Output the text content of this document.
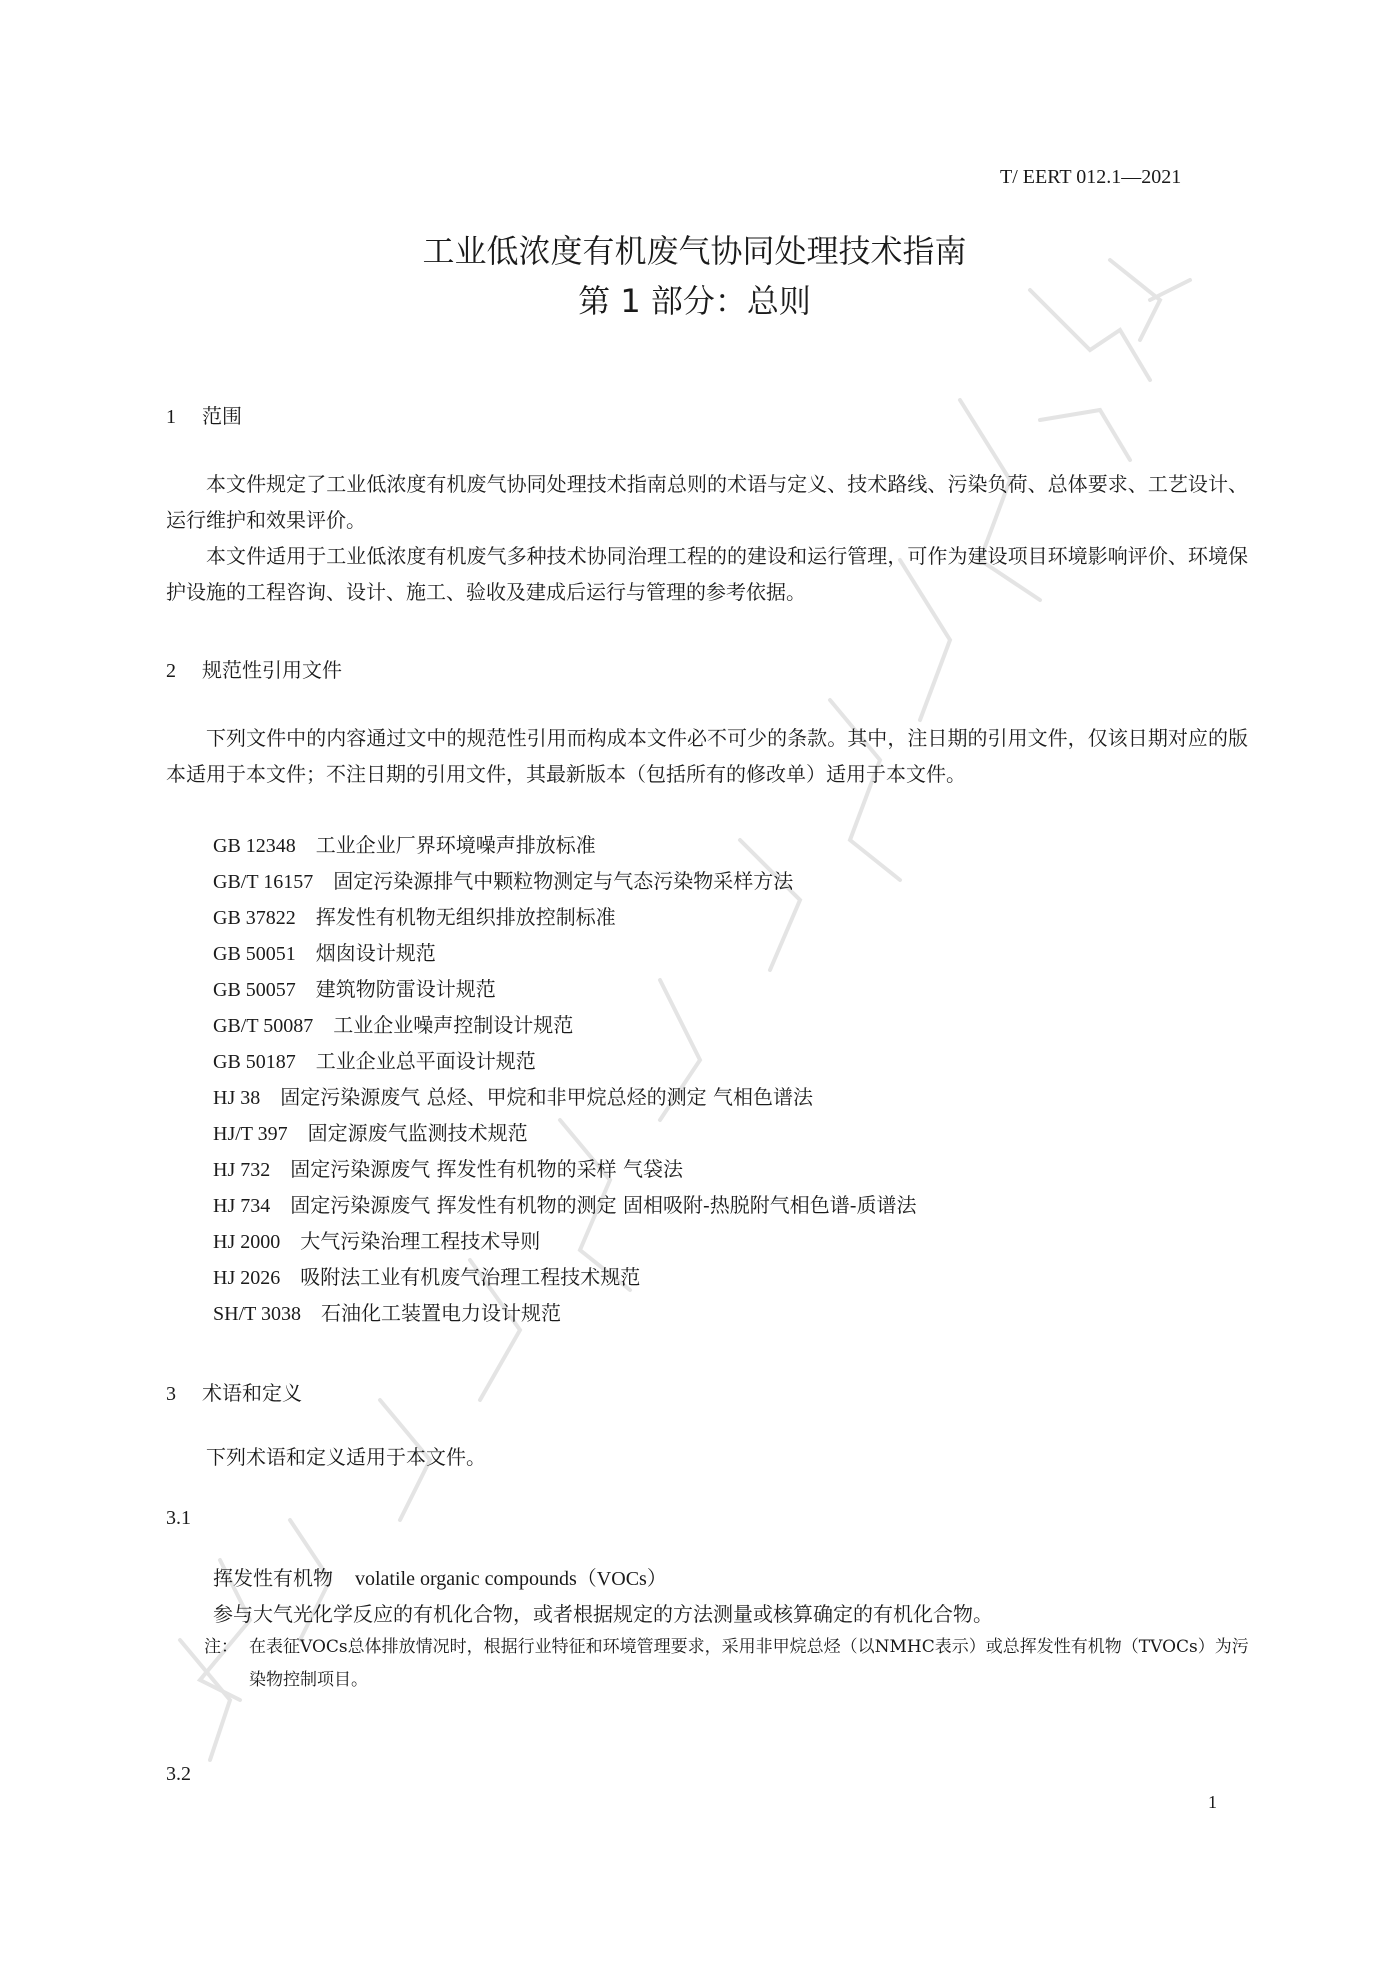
T/ EERT 012.1—2021
工业低浓度有机废气协同处理技术指南
第 1 部分：总则
1 范围
本文件规定了工业低浓度有机废气协同处理技术指南总则的术语与定义、技术路线、污染负荷、总体要求、工艺设计、运行维护和效果评价。
本文件适用于工业低浓度有机废气多种技术协同治理工程的的建设和运行管理，可作为建设项目环境影响评价、环境保护设施的工程咨询、设计、施工、验收及建成后运行与管理的参考依据。
2 规范性引用文件
下列文件中的内容通过文中的规范性引用而构成本文件必不可少的条款。其中，注日期的引用文件，仅该日期对应的版本适用于本文件；不注日期的引用文件，其最新版本（包括所有的修改单）适用于本文件。
GB 12348 工业企业厂界环境噪声排放标准
GB/T 16157 固定污染源排气中颗粒物测定与气态污染物采样方法
GB 37822 挥发性有机物无组织排放控制标准
GB 50051 烟囱设计规范
GB 50057 建筑物防雷设计规范
GB/T 50087 工业企业噪声控制设计规范
GB 50187 工业企业总平面设计规范
HJ 38 固定污染源废气 总烃、甲烷和非甲烷总烃的测定 气相色谱法
HJ/T 397 固定源废气监测技术规范
HJ 732 固定污染源废气 挥发性有机物的采样 气袋法
HJ 734 固定污染源废气 挥发性有机物的测定 固相吸附-热脱附气相色谱-质谱法
HJ 2000 大气污染治理工程技术导则
HJ 2026 吸附法工业有机废气治理工程技术规范
SH/T 3038 石油化工装置电力设计规范
3 术语和定义
下列术语和定义适用于本文件。
3.1
挥发性有机物 volatile organic compounds（VOCs）
参与大气光化学反应的有机化合物，或者根据规定的方法测量或核算确定的有机化合物。
注： 在表征VOCs总体排放情况时，根据行业特征和环境管理要求，采用非甲烷总烃（以NMHC表示）或总挥发性有机物（TVOCs）为污染物控制项目。
3.2
1
